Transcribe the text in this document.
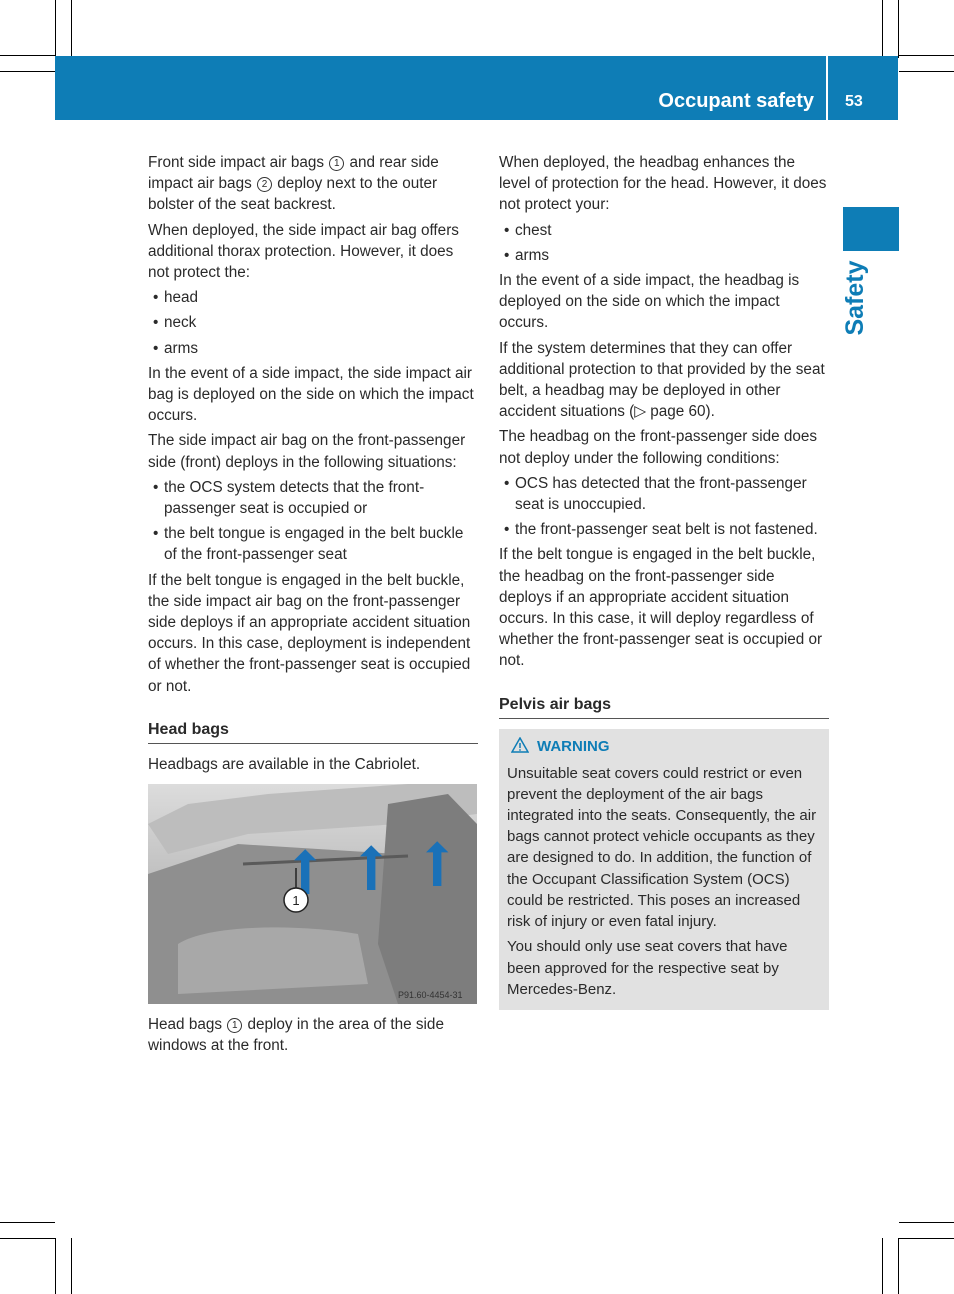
Occupant safety 53
Safety

Front side impact air bags 1 and rear side impact air bags 2 deploy next to the outer bolster of the seat backrest.

When deployed, the side impact air bag offers additional thorax protection. However, it does not protect the:

• head
• neck
• arms

In the event of a side impact, the side impact air bag is deployed on the side on which the impact occurs.

The side impact air bag on the front-passenger side (front) deploys in the following situations:

• the OCS system detects that the front-passenger seat is occupied or
• the belt tongue is engaged in the belt buckle of the front-passenger seat

If the belt tongue is engaged in the belt buckle, the side impact air bag on the front-passenger side deploys if an appropriate accident situation occurs. In this case, deployment is independent of whether the front-passenger seat is occupied or not.

Head bags

Headbags are available in the Cabriolet.

1
P91.60-4454-31

Head bags 1 deploy in the area of the side windows at the front.

When deployed, the headbag enhances the level of protection for the head. However, it does not protect your:

• chest
• arms

In the event of a side impact, the headbag is deployed on the side on which the impact occurs.

If the system determines that they can offer additional protection to that provided by the seat belt, a headbag may be deployed in other accident situations (▷ page 60).

The headbag on the front-passenger side does not deploy under the following conditions:

• OCS has detected that the front-passenger seat is unoccupied.
• the front-passenger seat belt is not fastened.

If the belt tongue is engaged in the belt buckle, the headbag on the front-passenger side deploys if an appropriate accident situation occurs. In this case, it will deploy regardless of whether the front-passenger seat is occupied or not.

Pelvis air bags
WARNING

Unsuitable seat covers could restrict or even prevent the deployment of the air bags integrated into the seats. Consequently, the air bags cannot protect vehicle occupants as they are designed to do. In addition, the function of the Occupant Classification System (OCS) could be restricted. This poses an increased risk of injury or even fatal injury.

You should only use seat covers that have been approved for the respective seat by Mercedes-Benz.
